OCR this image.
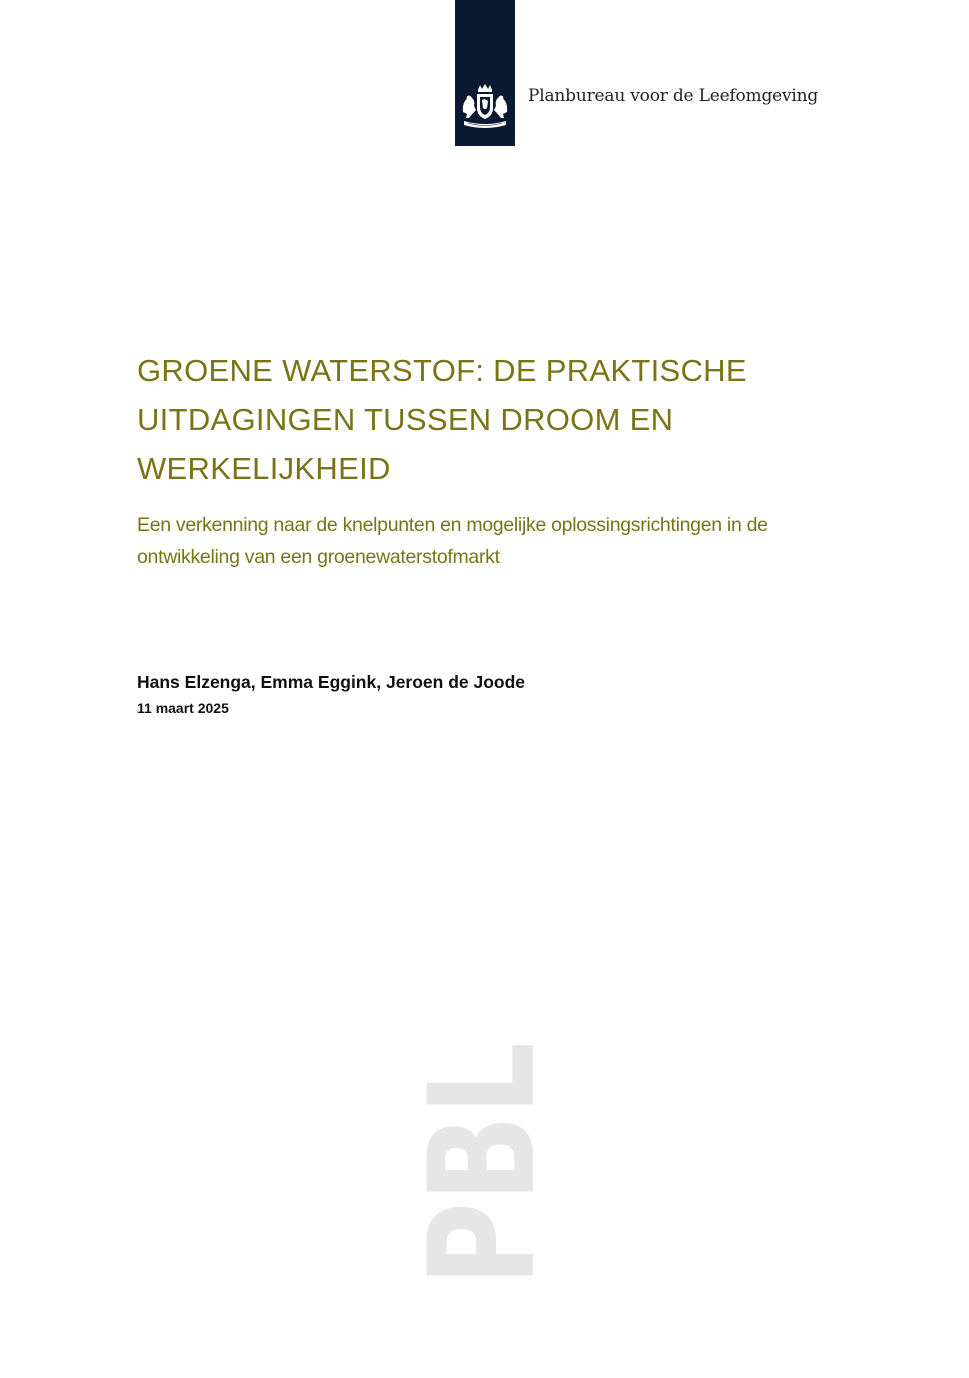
Planbureau voor de Leefomgeving
GROENE WATERSTOF: DE PRAKTISCHE
UITDAGINGEN TUSSEN DROOM EN
WERKELIJKHEID

Een verkenning naar de knelpunten en mogelijke oplossingsrichtingen in de
ontwikkeling van een groenewaterstofmarkt

Hans Elzenga, Emma Eggink, Jeroen de Joode
11 maart 2025
PBL
